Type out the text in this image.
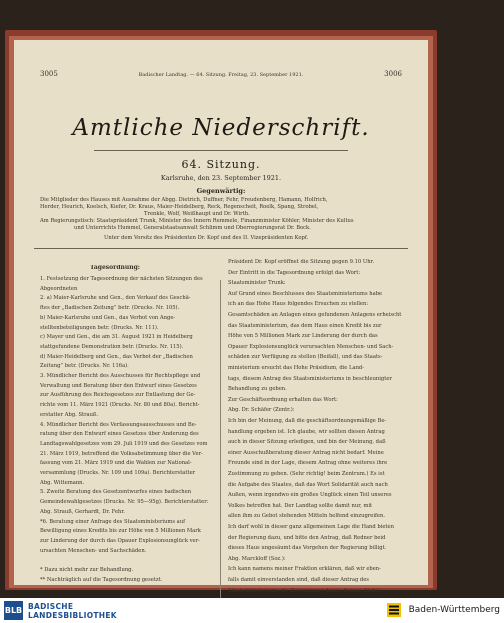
3005	Badischer Landtag. — 64. Sitzung. Freitag, 23. September 1921.	3006
Amtliche Niederschrift.
64. Sitzung.
Karlsruhe, den 23. September 1921.
Gegenwärtig:
Die Mitglieder des Hauses mit Ausnahme der Abgg. Dietrich, Duffner, Fehr, Freudenberg, Hamann, Holfrich,
Herder, Heurich, Koelsch, Kiefer, Dr. Kraus, Maier-Heidelberg, Reck, Regenscheit, Roelk, Spang, Strobel,
Trenkle, Wolf, Weißhaupt und Dr. Wirth.
Am Regierungstisch: Staatspräsident Trunk, Minister des Innern Remmele, Finanzminister Köhler, Minister des Kultus
und Unterrichts Hummel, Generalstaatsanwalt Schlimm und Oberregierungsrat Dr. Bock.
Unter dem Vorsitz des Präsidenten Dr. Kopf und des II. Vizepräsidenten Kopf.
Tagesordnung:
1. Festsetzung der Tagesordnung der nächsten Sitzungen des
Abgeordneten
2. a) Maier-Karlsruhe und Gen., den Verkauf des Geschä-
ftes der „Badischen Zeitung” betr. (Drucks. Nr. 105).
b) Maier-Karlsruhe und Gen., das Verbot von Ange-
stelltenbeteiligungen betr. (Drucks. Nr. 111).
c) Mayer und Gen., die am 31. August 1921 in Heidelberg
stattgefundene Demonstration betr. (Drucks. Nr. 115).
d) Maier-Heidelberg und Gen., das Verbot der „Badischen
Zeitung” betr. (Drucks. Nr. 116a).
3. Mündlicher Bericht des Ausschusses für Rechtspflege und
Verwaltung und Beratung über den Entwurf eines Gesetzes
zur Ausführung des Reichsgesetzes zur Entlastung der Ge-
richte vom 11. März 1921 (Drucks. Nr. 80 und 80a). Bericht-
erstatter Abg. Strauß.
4. Mündlicher Bericht des Verfassungsausschusses und Be-
ratung über den Entwurf eines Gesetzes über Änderung des
Landtagswahlgesetzes vom 29. Juli 1919 und des Gesetzes vom
21. März 1919, betreffend die Volksabstimmung über die Ver-
fassung vom 21. März 1919 und die Wahlen zur National-
versammlung (Drucks. Nr. 109 und 109a). Berichterstatter
Abg. Wittemann.
5. Zweite Beratung des Gesetzentwurfes eines badischen
Gemeindewahlgesetzes (Drucks. Nr. 95—95g). Berichterstatter:
Abg. Strauß, Gerhardt, Dr. Fehr.
*6. Beratung einer Anfrage des Staatsministeriums auf
Bewilligung eines Kredits bis zur Höhe von 5 Millionen Mark
zur Linderung der durch das Opauer Explosionsunglück ver-
ursachten Menschen- und Sachschäden.
* Dazu nicht mehr zur Behandlung.
** Nachträglich auf die Tagesordnung gesetzt.
Präsident Dr. Kopf eröffnet die Sitzung gegen 9.10 Uhr.
Der Eintritt in die Tagesordnung erfolgt das Wort:
Staatsminister Trunk:
Auf Grund eines Beschlusses des Staatsministeriums habe
ich an das Hohe Haus folgendes Ersuchen zu stellen:
Gesamtschäden an Anlagen eines gefundenen Anlagens erheischt
das Staatsministerium, das dem Haus einen Kredit bis zur
Höhe von 5 Millionen Mark zur Linderung der durch das
Opauer Explosionsunglück verursachten Menschen- und Sach-
schäden zur Verfügung zu stellen (Beifall), und das Staats-
ministerium ersucht das Hohe Präsidium, die Land-
tags, diesem Antrag des Staatsministeriums in beschleunigter
Behandlung zu geben.
Zur Geschäftsordnung erhalten das Wort:
Abg. Dr. Schäfer (Zentr.):
Ich bin der Meinung, daß die geschäftsordnungsmäßige Be-
handlung ergeben ist. Ich glaube, wir sollten diesen Antrag
auch in dieser Sitzung erledigen, und bin der Meinung, daß
einer Ausschußberatung dieser Antrag nicht bedarf. Meine
Freunde sind in der Lage, diesem Antrag ohne weiteres ihre
Zustimmung zu geben. (Sehr richtig! beim Zentrum.) Es ist
die Aufgabe des Staates, daß das Wort Solidarität auch nach
Außen, wenn irgendwo ein großes Unglück einen Teil unseres
Volkes betroffen hat. Der Landtag sollte damit nur, mit
allen ihm zu Gebot stehenden Mitteln helfend einzugreifen.
Ich darf wohl in dieser ganz allgemeinen Lage die Hand bieten
der Regierung dazu, und bitte den Antrag, daß Redner beid
dieses Haus ungesäumt das Vorgehen der Regierung billigt.
Abg. Marckloff (Soz.):
Ich kann namens meiner Fraktion erklären, daß wir eben-
falls damit einverstanden sind, daß dieser Antrag des
Staatsministeriums die Zustimmung dieses Hauses findet.
BLB BADISCHE
LANDESBIBLIOTHEK
Baden-Württemberg
